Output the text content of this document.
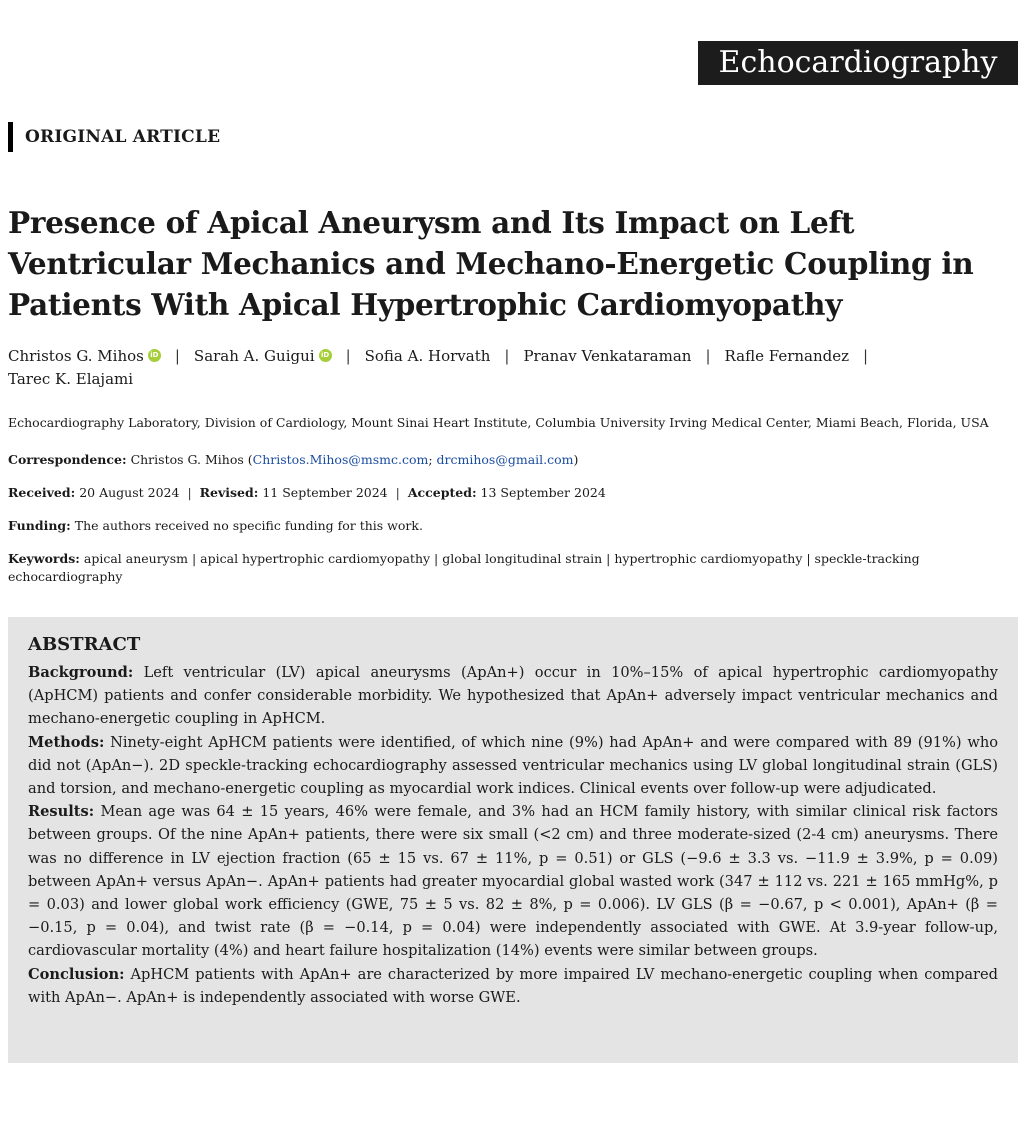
Echocardiography
ORIGINAL ARTICLE
Presence of Apical Aneurysm and Its Impact on Left Ventricular Mechanics and Mechano-Energetic Coupling in Patients With Apical Hypertrophic Cardiomyopathy
Christos G. Mihos iD | Sarah A. Guigui iD | Sofia A. Horvath | Pranav Venkataraman | Rafle Fernandez |
Tarec K. Elajami
Echocardiography Laboratory, Division of Cardiology, Mount Sinai Heart Institute, Columbia University Irving Medical Center, Miami Beach, Florida, USA
Correspondence: Christos G. Mihos (Christos.Mihos@msmc.com; drcmihos@gmail.com)
Received: 20 August 2024 | Revised: 11 September 2024 | Accepted: 13 September 2024
Funding: The authors received no specific funding for this work.
Keywords: apical aneurysm | apical hypertrophic cardiomyopathy | global longitudinal strain | hypertrophic cardiomyopathy | speckle-tracking echocardiography
ABSTRACT

Background: Left ventricular (LV) apical aneurysms (ApAn+) occur in 10%–15% of apical hypertrophic cardiomyopathy (ApHCM) patients and confer considerable morbidity. We hypothesized that ApAn+ adversely impact ventricular mechanics and mechano-energetic coupling in ApHCM.

Methods: Ninety-eight ApHCM patients were identified, of which nine (9%) had ApAn+ and were compared with 89 (91%) who did not (ApAn−). 2D speckle-tracking echocardiography assessed ventricular mechanics using LV global longitudinal strain (GLS) and torsion, and mechano-energetic coupling as myocardial work indices. Clinical events over follow-up were adjudicated.

Results: Mean age was 64 ± 15 years, 46% were female, and 3% had an HCM family history, with similar clinical risk factors between groups. Of the nine ApAn+ patients, there were six small (<2 cm) and three moderate-sized (2-4 cm) aneurysms. There was no difference in LV ejection fraction (65 ± 15 vs. 67 ± 11%, p = 0.51) or GLS (−9.6 ± 3.3 vs. −11.9 ± 3.9%, p = 0.09) between ApAn+ versus ApAn−. ApAn+ patients had greater myocardial global wasted work (347 ± 112 vs. 221 ± 165 mmHg%, p = 0.03) and lower global work efficiency (GWE, 75 ± 5 vs. 82 ± 8%, p = 0.006). LV GLS (β = −0.67, p < 0.001), ApAn+ (β = −0.15, p = 0.04), and twist rate (β = −0.14, p = 0.04) were independently associated with GWE. At 3.9-year follow-up, cardiovascular mortality (4%) and heart failure hospitalization (14%) events were similar between groups.

Conclusion: ApHCM patients with ApAn+ are characterized by more impaired LV mechano-energetic coupling when compared with ApAn−. ApAn+ is independently associated with worse GWE.
